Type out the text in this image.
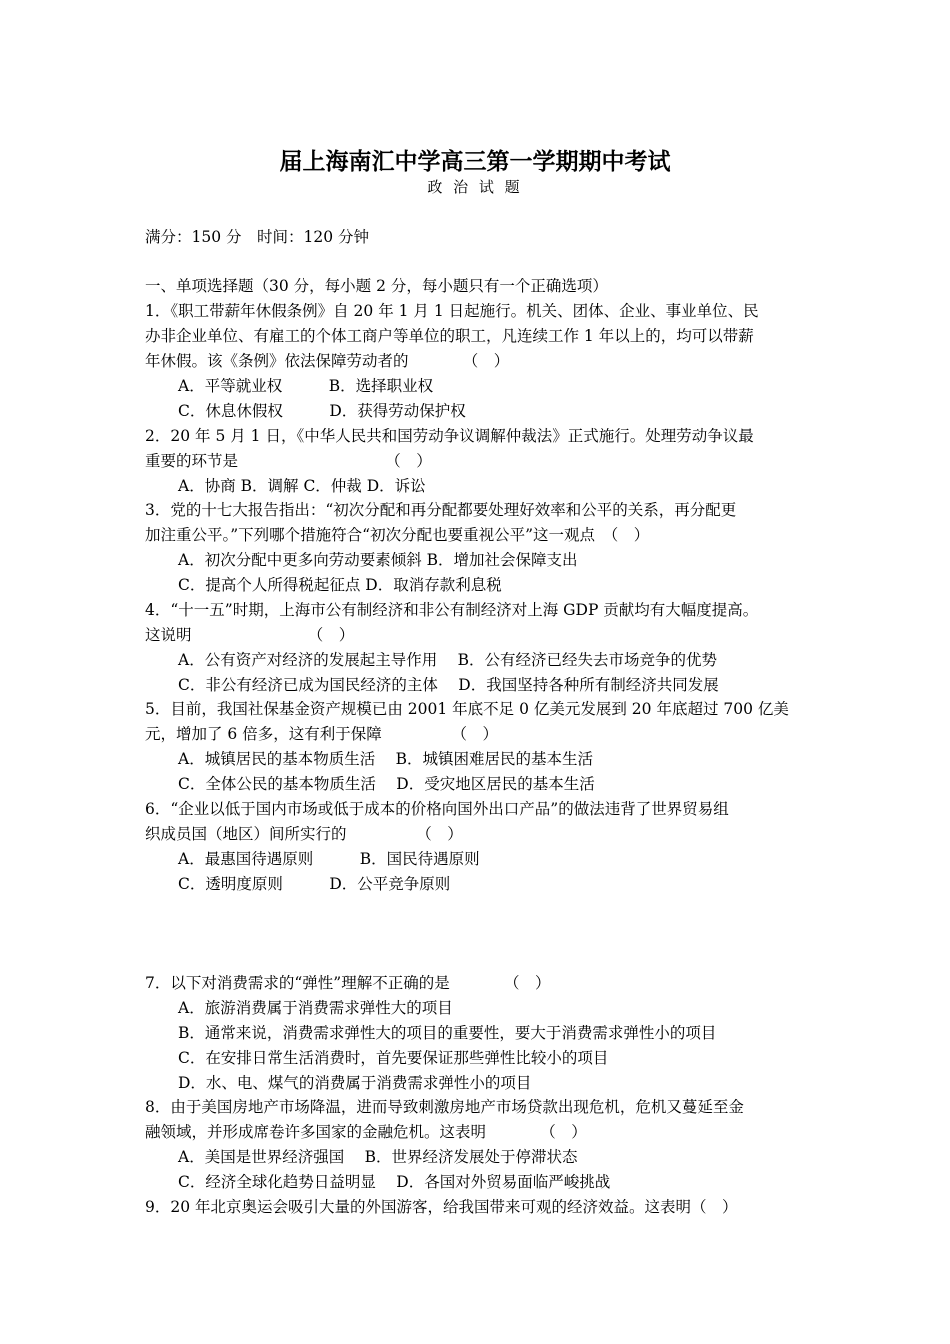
届上海南汇中学高三第一学期期中考试
政 治 试 题
满分：150 分　时间：120 分钟
一、单项选择题（30 分，每小题 2 分，每小题只有一个正确选项）
1．《职工带薪年休假条例》自 20 年 1 月 1 日起施行。机关、团体、企业、事业单位、民
办非企业单位、有雇工的个体工商户等单位的职工，凡连续工作 1 年以上的，均可以带薪
年休假。该《条例》依法保障劳动者的　　　　（　）
A．平等就业权　　　B．选择职业权
C．休息休假权　　　D．获得劳动保护权
2．20 年 5 月 1 日，《中华人民共和国劳动争议调解仲裁法》正式施行。处理劳动争议最
重要的环节是　　　　　　　　　　（　）
A．协商 B．调解 C．仲裁 D．诉讼
3．党的十七大报告指出：“初次分配和再分配都要处理好效率和公平的关系，再分配更
加注重公平。”下列哪个措施符合“初次分配也要重视公平”这一观点　（　）
A．初次分配中更多向劳动要素倾斜 B．增加社会保障支出
C．提高个人所得税起征点 D．取消存款利息税
4．“十一五”时期，上海市公有制经济和非公有制经济对上海 GDP 贡献均有大幅度提高。
这说明　　　　　　　　（　）
A．公有资产对经济的发展起主导作用　 B．公有经济已经失去市场竞争的优势
C．非公有经济已成为国民经济的主体　 D．我国坚持各种所有制经济共同发展
5．目前，我国社保基金资产规模已由 2001 年底不足 0 亿美元发展到 20 年底超过 700 亿美
元，增加了 6 倍多，这有利于保障　　　　　（　）
A．城镇居民的基本物质生活　 B．城镇困难居民的基本生活
C．全体公民的基本物质生活　 D．受灾地区居民的基本生活
6．“企业以低于国内市场或低于成本的价格向国外出口产品”的做法违背了世界贸易组
织成员国（地区）间所实行的　　　　　（　）
A．最惠国待遇原则　　　B．国民待遇原则
C．透明度原则　　　D．公平竞争原则
7．以下对消费需求的“弹性”理解不正确的是　　　　（　）
A．旅游消费属于消费需求弹性大的项目
B．通常来说，消费需求弹性大的项目的重要性，要大于消费需求弹性小的项目
C．在安排日常生活消费时，首先要保证那些弹性比较小的项目
D．水、电、煤气的消费属于消费需求弹性小的项目
8．由于美国房地产市场降温，进而导致刺激房地产市场贷款出现危机，危机又蔓延至金
融领域，并形成席卷许多国家的金融危机。这表明　　　　（　）
A．美国是世界经济强国　 B．世界经济发展处于停滞状态
C．经济全球化趋势日益明显　 D．各国对外贸易面临严峻挑战
9．20 年北京奥运会吸引大量的外国游客，给我国带来可观的经济效益。这表明（　）
